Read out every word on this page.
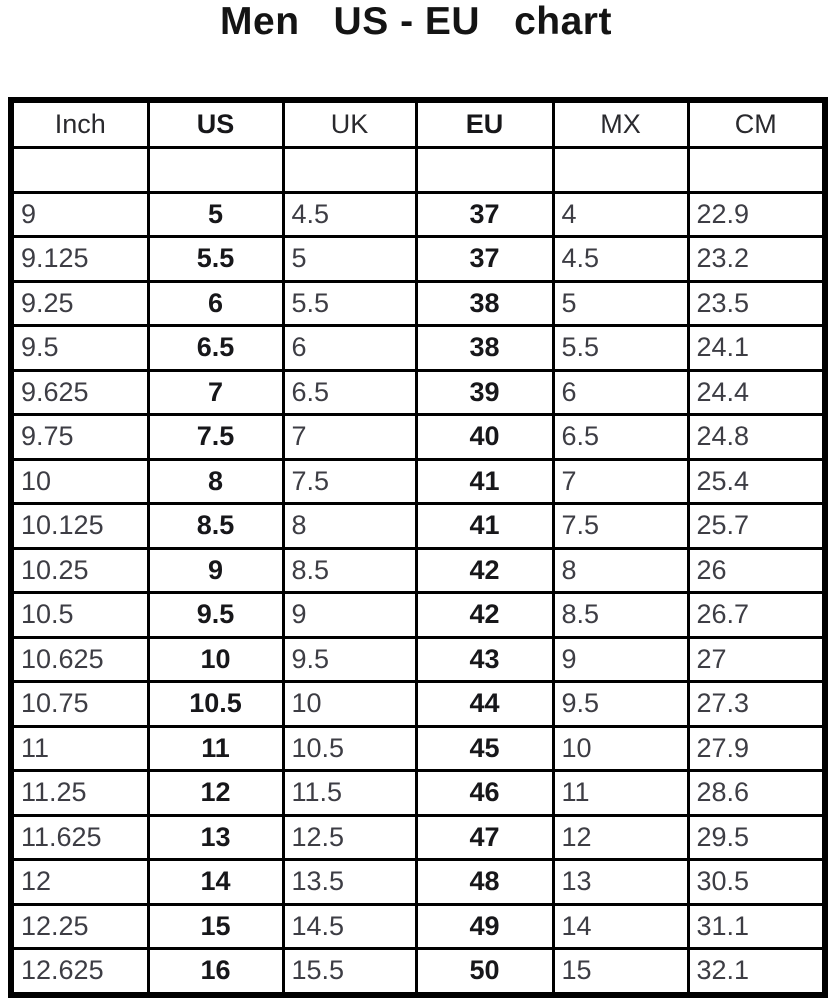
Men   US - EU   chart
Inch	US	UK	EU	MX	CM

9	5	4.5	37	4	22.9
9.125	5.5	5	37	4.5	23.2
9.25	6	5.5	38	5	23.5
9.5	6.5	6	38	5.5	24.1
9.625	7	6.5	39	6	24.4
9.75	7.5	7	40	6.5	24.8
10	8	7.5	41	7	25.4
10.125	8.5	8	41	7.5	25.7
10.25	9	8.5	42	8	26
10.5	9.5	9	42	8.5	26.7
10.625	10	9.5	43	9	27
10.75	10.5	10	44	9.5	27.3
11	11	10.5	45	10	27.9
11.25	12	11.5	46	11	28.6
11.625	13	12.5	47	12	29.5
12	14	13.5	48	13	30.5
12.25	15	14.5	49	14	31.1
12.625	16	15.5	50	15	32.1
